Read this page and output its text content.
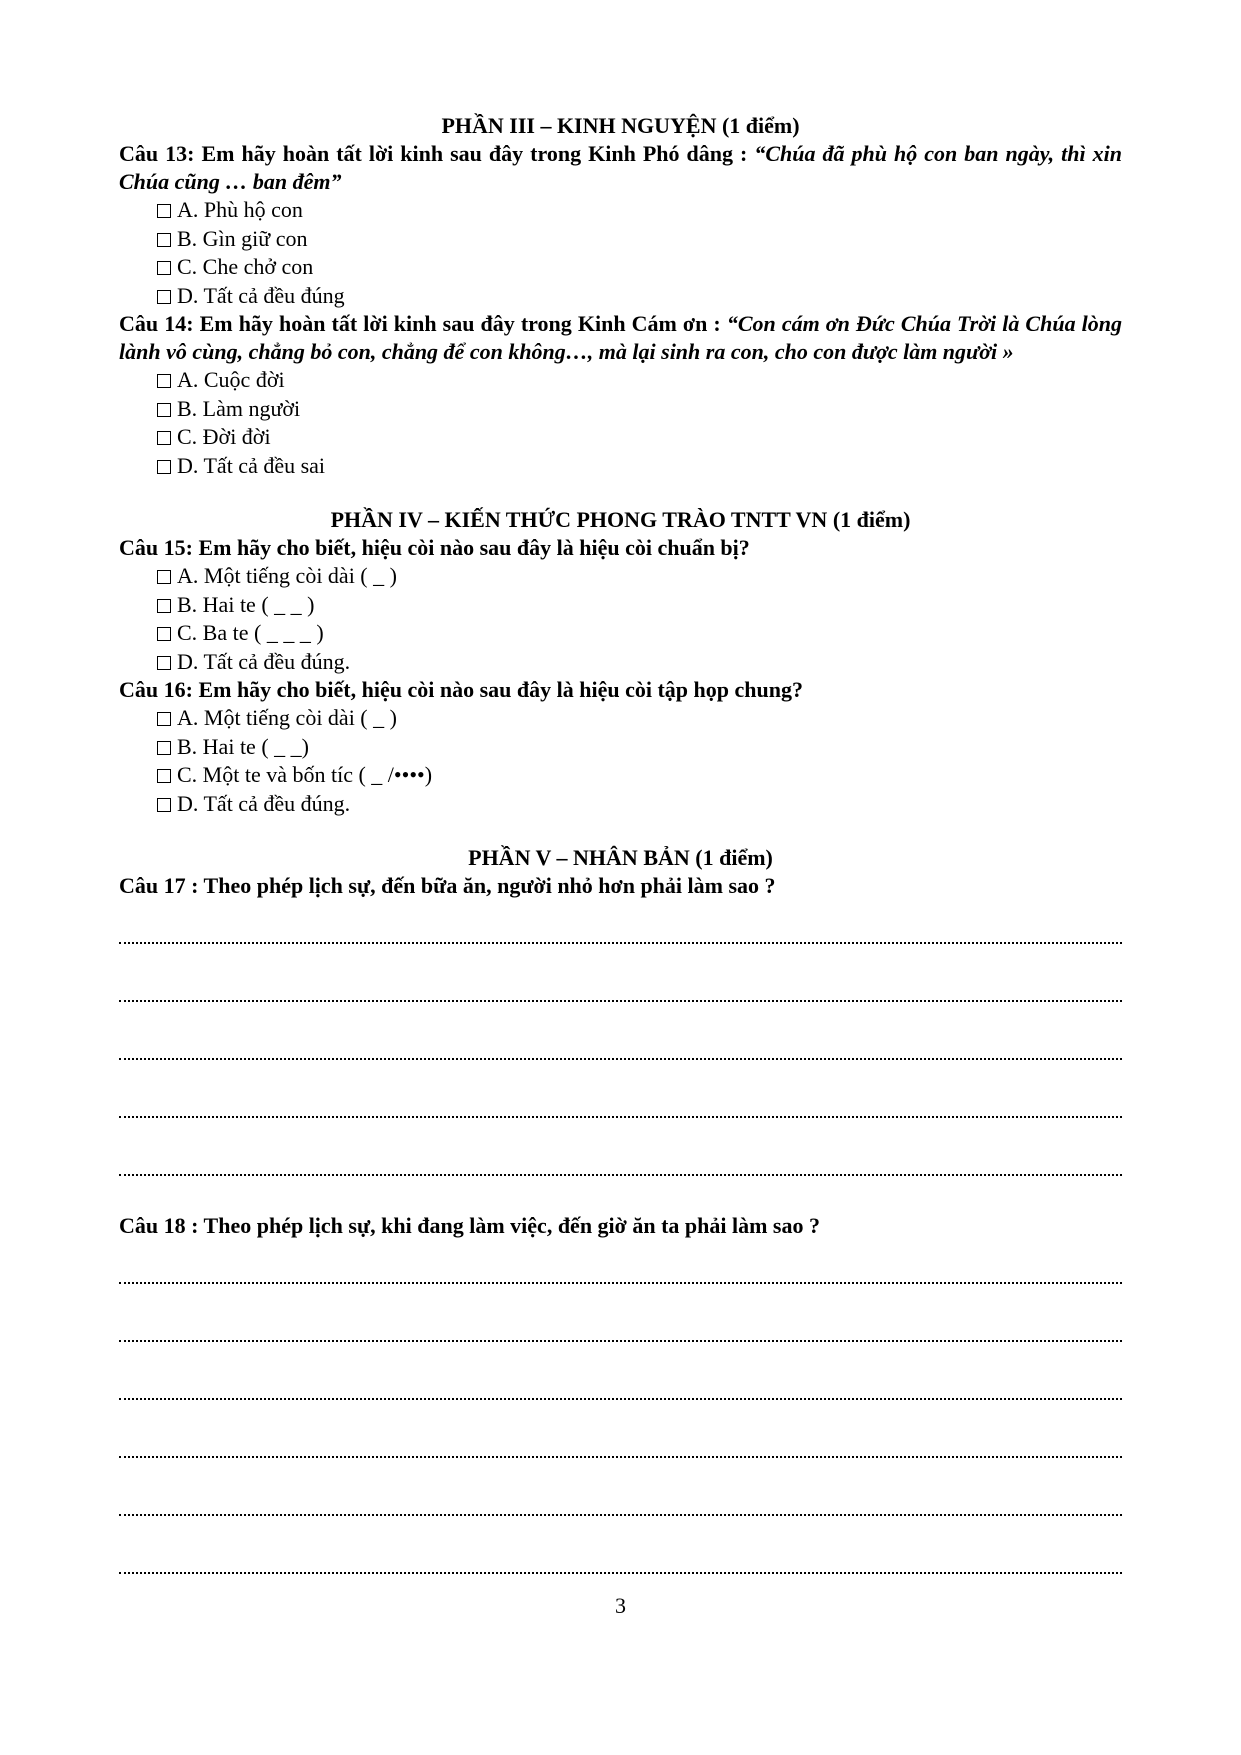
PHẦN III – KINH NGUYỆN (1 điểm)
Câu 13: Em hãy hoàn tất lời kinh sau đây trong Kinh Phó dâng : “Chúa đã phù hộ con ban ngày, thì xin Chúa cũng … ban đêm”
A. Phù hộ con
B. Gìn giữ con
C. Che chở con
D. Tất cả đều đúng
Câu 14: Em hãy hoàn tất lời kinh sau đây trong Kinh Cám ơn : “Con cám ơn Đức Chúa Trời là Chúa lòng lành vô cùng, chẳng bỏ con, chẳng để con không…, mà lại sinh ra con, cho con được làm người »
A. Cuộc đời
B. Làm người
C. Đời đời
D. Tất cả đều sai
PHẦN IV – KIẾN THỨC PHONG TRÀO TNTT VN (1 điểm)
Câu 15: Em hãy cho biết, hiệu còi nào sau đây là hiệu còi chuẩn bị?
A. Một tiếng còi dài ( _ )
B. Hai te ( _ _ )
C. Ba te ( _ _ _ )
D. Tất cả đều đúng.
Câu 16: Em hãy cho biết, hiệu còi nào sau đây là hiệu còi tập họp chung?
A. Một tiếng còi dài ( _ )
B. Hai te ( _ _)
C. Một te và bốn tíc ( _ /••••)
D. Tất cả đều đúng.
PHẦN V – NHÂN BẢN (1 điểm)
Câu 17 : Theo phép lịch sự, đến bữa ăn, người nhỏ hơn phải làm sao ?
Câu 18 : Theo phép lịch sự, khi đang làm việc, đến giờ ăn ta phải làm sao ?
3
